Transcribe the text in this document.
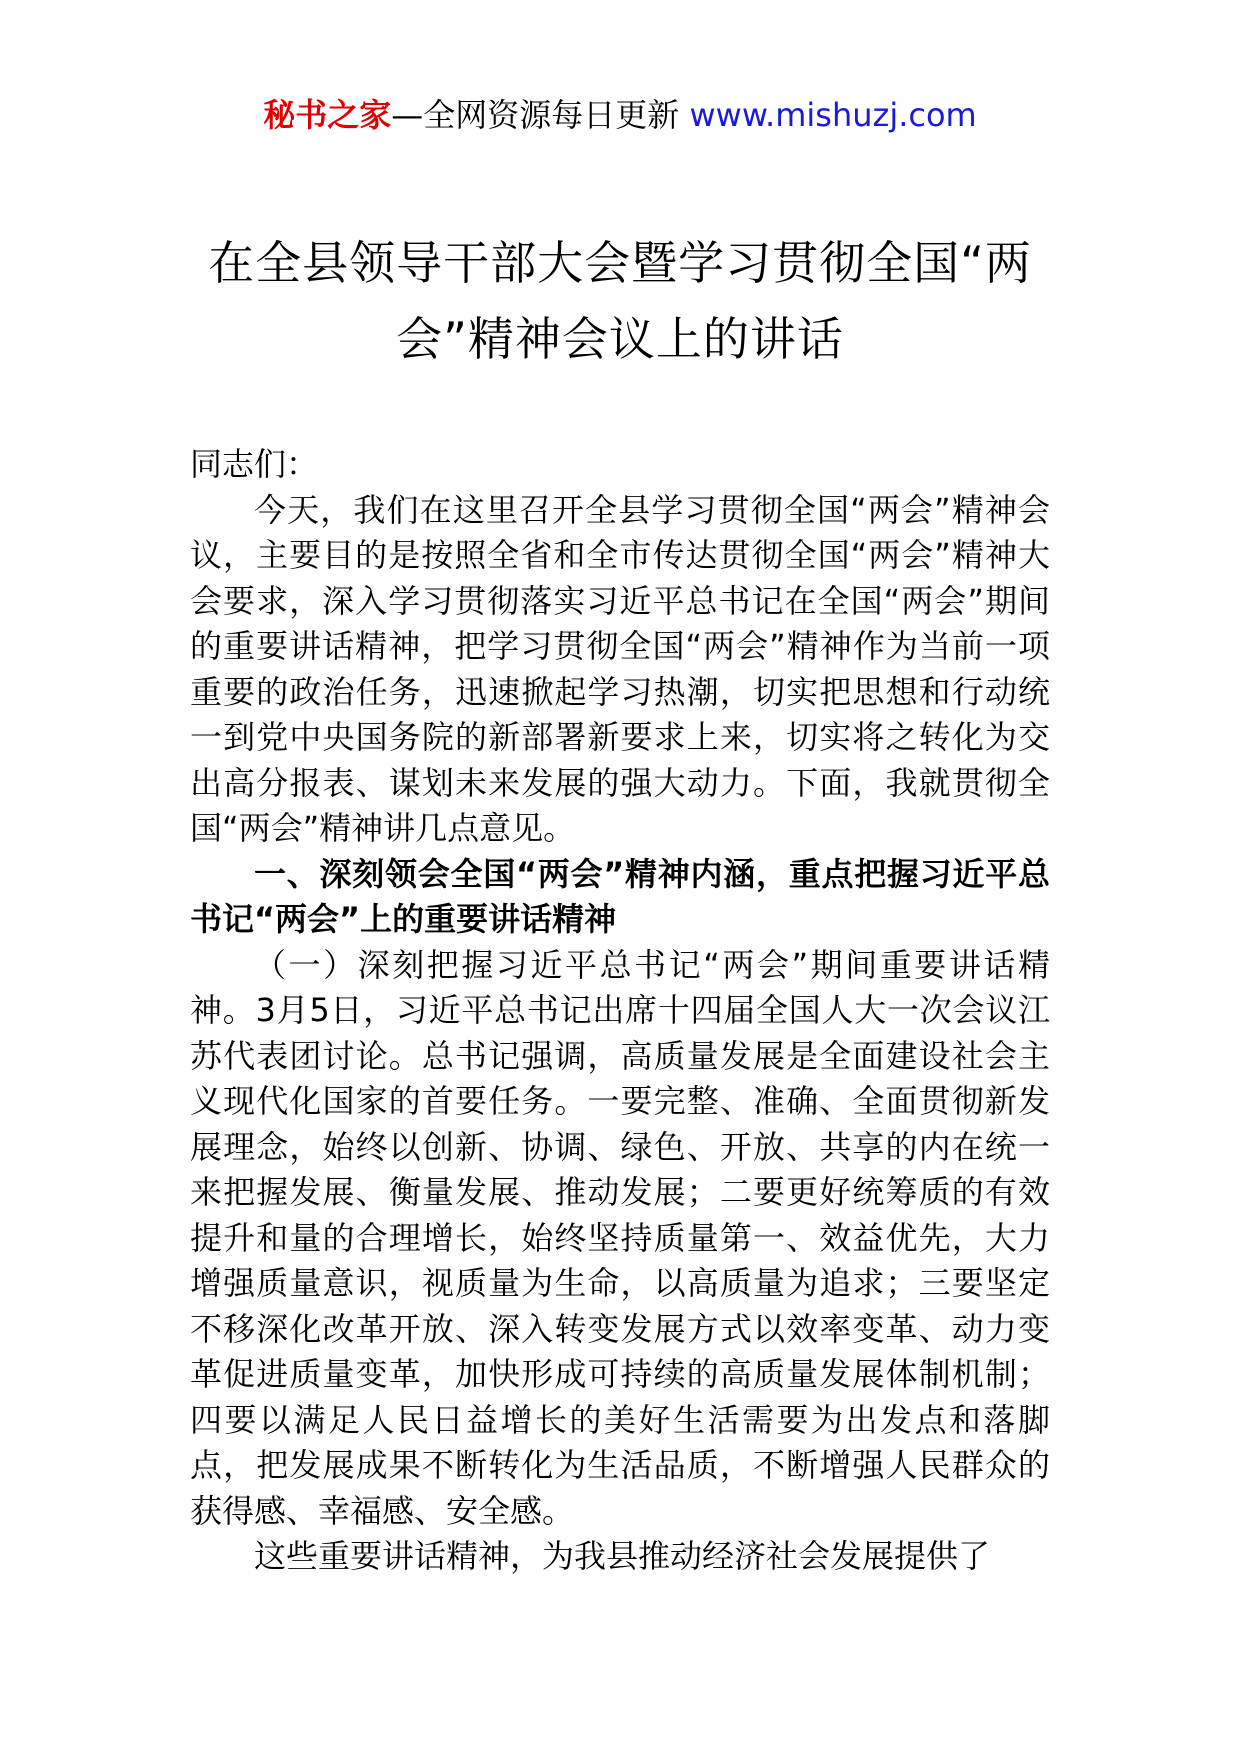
秘书之家—全网资源每日更新 www.mishuzj.com
在全县领导干部大会暨学习贯彻全国“两会”精神会议上的讲话

同志们：

今天，我们在这里召开全县学习贯彻全国“两会”精神会议，主要目的是按照全省和全市传达贯彻全国“两会”精神大会要求，深入学习贯彻落实习近平总书记在全国“两会”期间的重要讲话精神，把学习贯彻全国“两会”精神作为当前一项重要的政治任务，迅速掀起学习热潮，切实把思想和行动统一到党中央国务院的新部署新要求上来，切实将之转化为交出高分报表、谋划未来发展的强大动力。下面，我就贯彻全国“两会”精神讲几点意见。

一、深刻领会全国“两会”精神内涵，重点把握习近平总书记“两会”上的重要讲话精神

（一）深刻把握习近平总书记“两会”期间重要讲话精神。3月5日，习近平总书记出席十四届全国人大一次会议江苏代表团讨论。总书记强调，高质量发展是全面建设社会主义现代化国家的首要任务。一要完整、准确、全面贯彻新发展理念，始终以创新、协调、绿色、开放、共享的内在统一来把握发展、衡量发展、推动发展；二要更好统筹质的有效提升和量的合理增长，始终坚持质量第一、效益优先，大力增强质量意识，视质量为生命，以高质量为追求；三要坚定不移深化改革开放、深入转变发展方式以效率变革、动力变革促进质量变革，加快形成可持续的高质量发展体制机制；四要以满足人民日益增长的美好生活需要为出发点和落脚点，把发展成果不断转化为生活品质，不断增强人民群众的获得感、幸福感、安全感。

这些重要讲话精神，为我县推动经济社会发展提供了
